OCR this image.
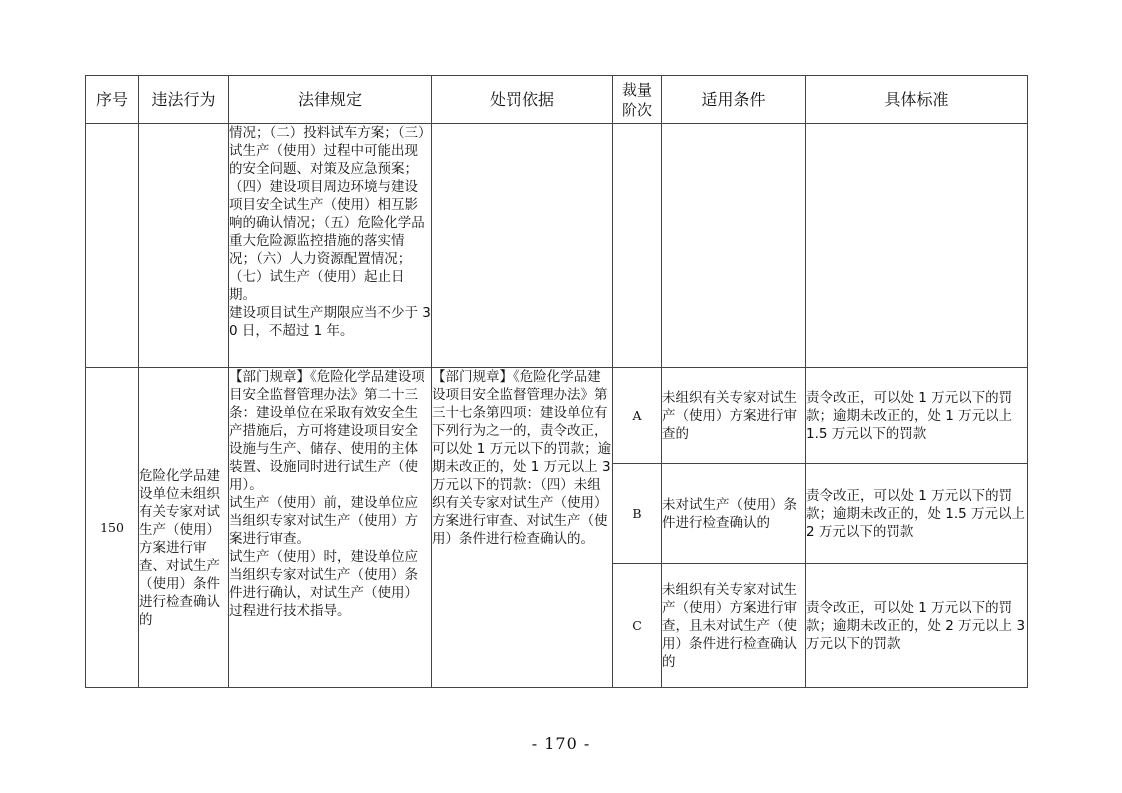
序号	违法行为	法律规定	处罚依据	裁量阶次	适用条件	具体标准

		情况；（二）投料试车方案；（三）试生产（使用）过程中可能出现的安全问题、对策及应急预案；（四）建设项目周边环境与建设项目安全试生产（使用）相互影响的确认情况；（五）危险化学品重大危险源监控措施的落实情况；（六）人力资源配置情况；（七）试生产（使用）起止日期。
建设项目试生产期限应当不少于 30 日，不超过 1 年。				

150	危险化学品建设单位未组织有关专家对试生产（使用）方案进行审查、对试生产（使用）条件进行检查确认的	【部门规章】《危险化学品建设项目安全监督管理办法》第二十三条：建设单位在采取有效安全生产措施后，方可将建设项目安全设施与生产、储存、使用的主体装置、设施同时进行试生产（使用）。
试生产（使用）前，建设单位应当组织专家对试生产（使用）方案进行审查。
试生产（使用）时，建设单位应当组织专家对试生产（使用）条件进行确认，对试生产（使用）过程进行技术指导。	【部门规章】《危险化学品建设项目安全监督管理办法》第三十七条第四项：建设单位有下列行为之一的，责令改正，可以处 1 万元以下的罚款；逾期未改正的，处 1 万元以上 3 万元以下的罚款：（四）未组织有关专家对试生产（使用）方案进行审查、对试生产（使用）条件进行检查确认的。	A	未组织有关专家对试生产（使用）方案进行审查的	责令改正，可以处 1 万元以下的罚款；逾期未改正的，处 1 万元以上 1.5 万元以下的罚款
				B	未对试生产（使用）条件进行检查确认的	责令改正，可以处 1 万元以下的罚款；逾期未改正的，处 1.5 万元以上 2 万元以下的罚款
				C	未组织有关专家对试生产（使用）方案进行审查，且未对试生产（使用）条件进行检查确认的	责令改正，可以处 1 万元以下的罚款；逾期未改正的，处 2 万元以上 3 万元以下的罚款
- 170 -
